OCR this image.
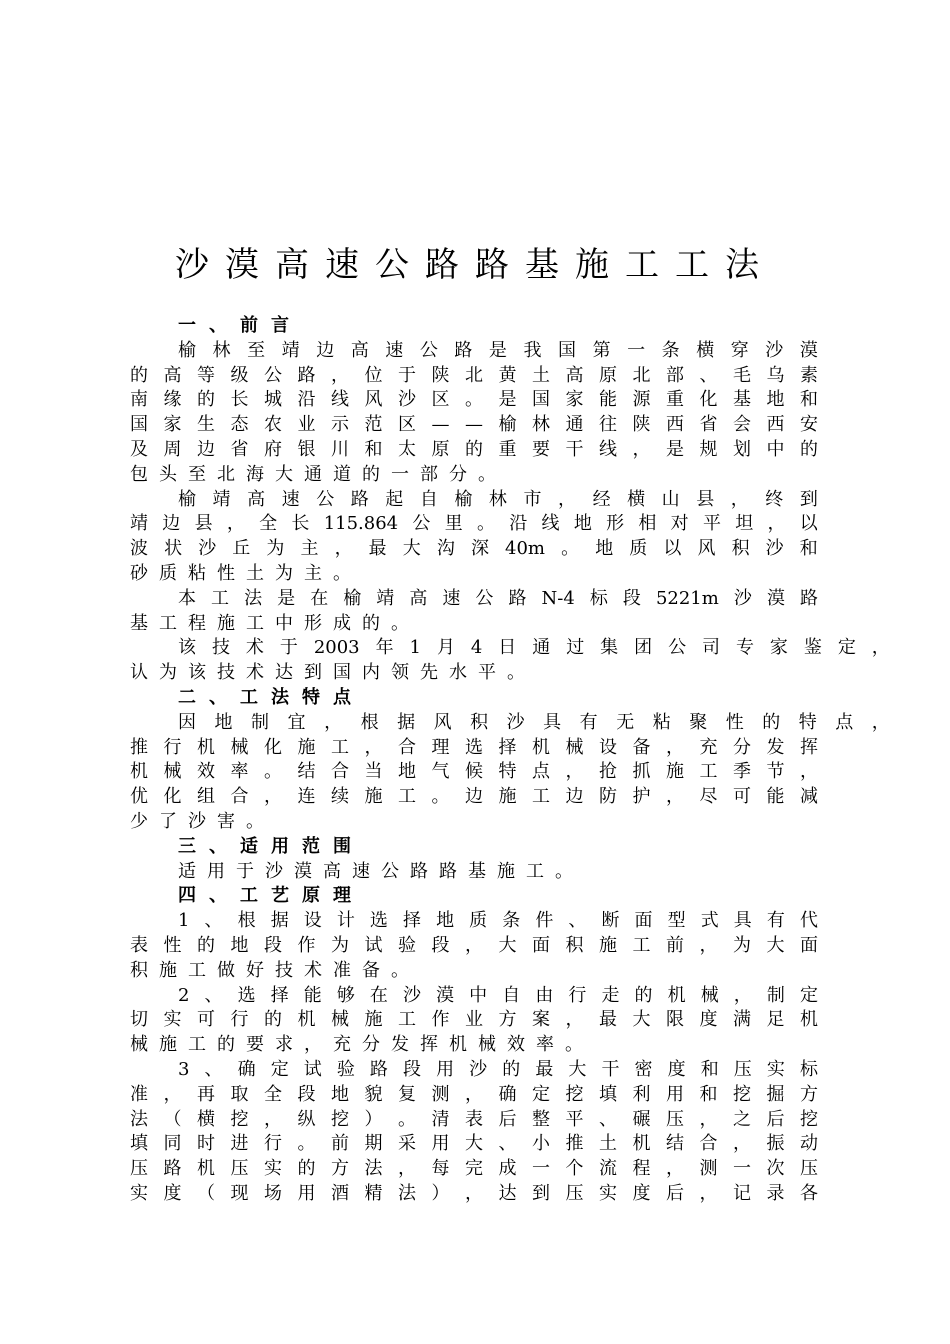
沙漠高速公路路基施工工法
一、前言
榆 林 至 靖 边 高 速 公 路 是 我 国 第 一 条 横 穿 沙 漠
的 高 等 级 公 路 ， 位 于 陕 北 黄 土 高 原 北 部 、 毛 乌 素
南 缘 的 长 城 沿 线 风 沙 区 。 是 国 家 能 源 重 化 基 地 和
国 家 生 态 农 业 示 范 区 — — 榆 林 通 往 陕 西 省 会 西 安
及 周 边 省 府 银 川 和 太 原 的 重 要 干 线 ， 是 规 划 中 的
包头至北海大通道的一部分。
榆 靖 高 速 公 路 起 自 榆 林 市 ， 经 横 山 县 ， 终 到
靖 边 县 ， 全 长 115.864 公 里 。 沿 线 地 形 相 对 平 坦 ， 以
波 状 沙 丘 为 主 ， 最 大 沟 深 40m 。 地 质 以 风 积 沙 和
砂质粘性土为主。
本 工 法 是 在 榆 靖 高 速 公 路 N-4 标 段 5221m 沙 漠 路
基工程施工中形成的。
该 技 术 于 2003 年 1 月 4 日 通 过 集 团 公 司 专 家 鉴 定 ，
认为该技术达到国内领先水平。
二、工法特点
因 地 制 宜 ， 根 据 风 积 沙 具 有 无 粘 聚 性 的 特 点 ，
推 行 机 械 化 施 工 ， 合 理 选 择 机 械 设 备 ， 充 分 发 挥
机 械 效 率 。 结 合 当 地 气 候 特 点 ， 抢 抓 施 工 季 节 ，
优 化 组 合 ， 连 续 施 工 。 边 施 工 边 防 护 ， 尽 可 能 减
少了沙害。
三、适用范围
适用于沙漠高速公路路基施工。
四、工艺原理
1 、 根 据 设 计 选 择 地 质 条 件 、 断 面 型 式 具 有 代
表 性 的 地 段 作 为 试 验 段 ， 大 面 积 施 工 前 ， 为 大 面
积施工做好技术准备。
2 、 选 择 能 够 在 沙 漠 中 自 由 行 走 的 机 械 ， 制 定
切 实 可 行 的 机 械 施 工 作 业 方 案 ， 最 大 限 度 满 足 机
械施工的要求，充分发挥机械效率。
3 、 确 定 试 验 路 段 用 沙 的 最 大 干 密 度 和 压 实 标
准 ， 再 取 全 段 地 貌 复 测 ， 确 定 挖 填 利 用 和 挖 掘 方
法 （ 横 挖 ， 纵 挖 ） 。 清 表 后 整 平 、 碾 压 ， 之 后 挖
填 同 时 进 行 。 前 期 采 用 大 、 小 推 土 机 结 合 ， 振 动
压 路 机 压 实 的 方 法 ， 每 完 成 一 个 流 程 ， 测 一 次 压
实 度 （ 现 场 用 酒 精 法 ） ， 达 到 压 实 度 后 ， 记 录 各
